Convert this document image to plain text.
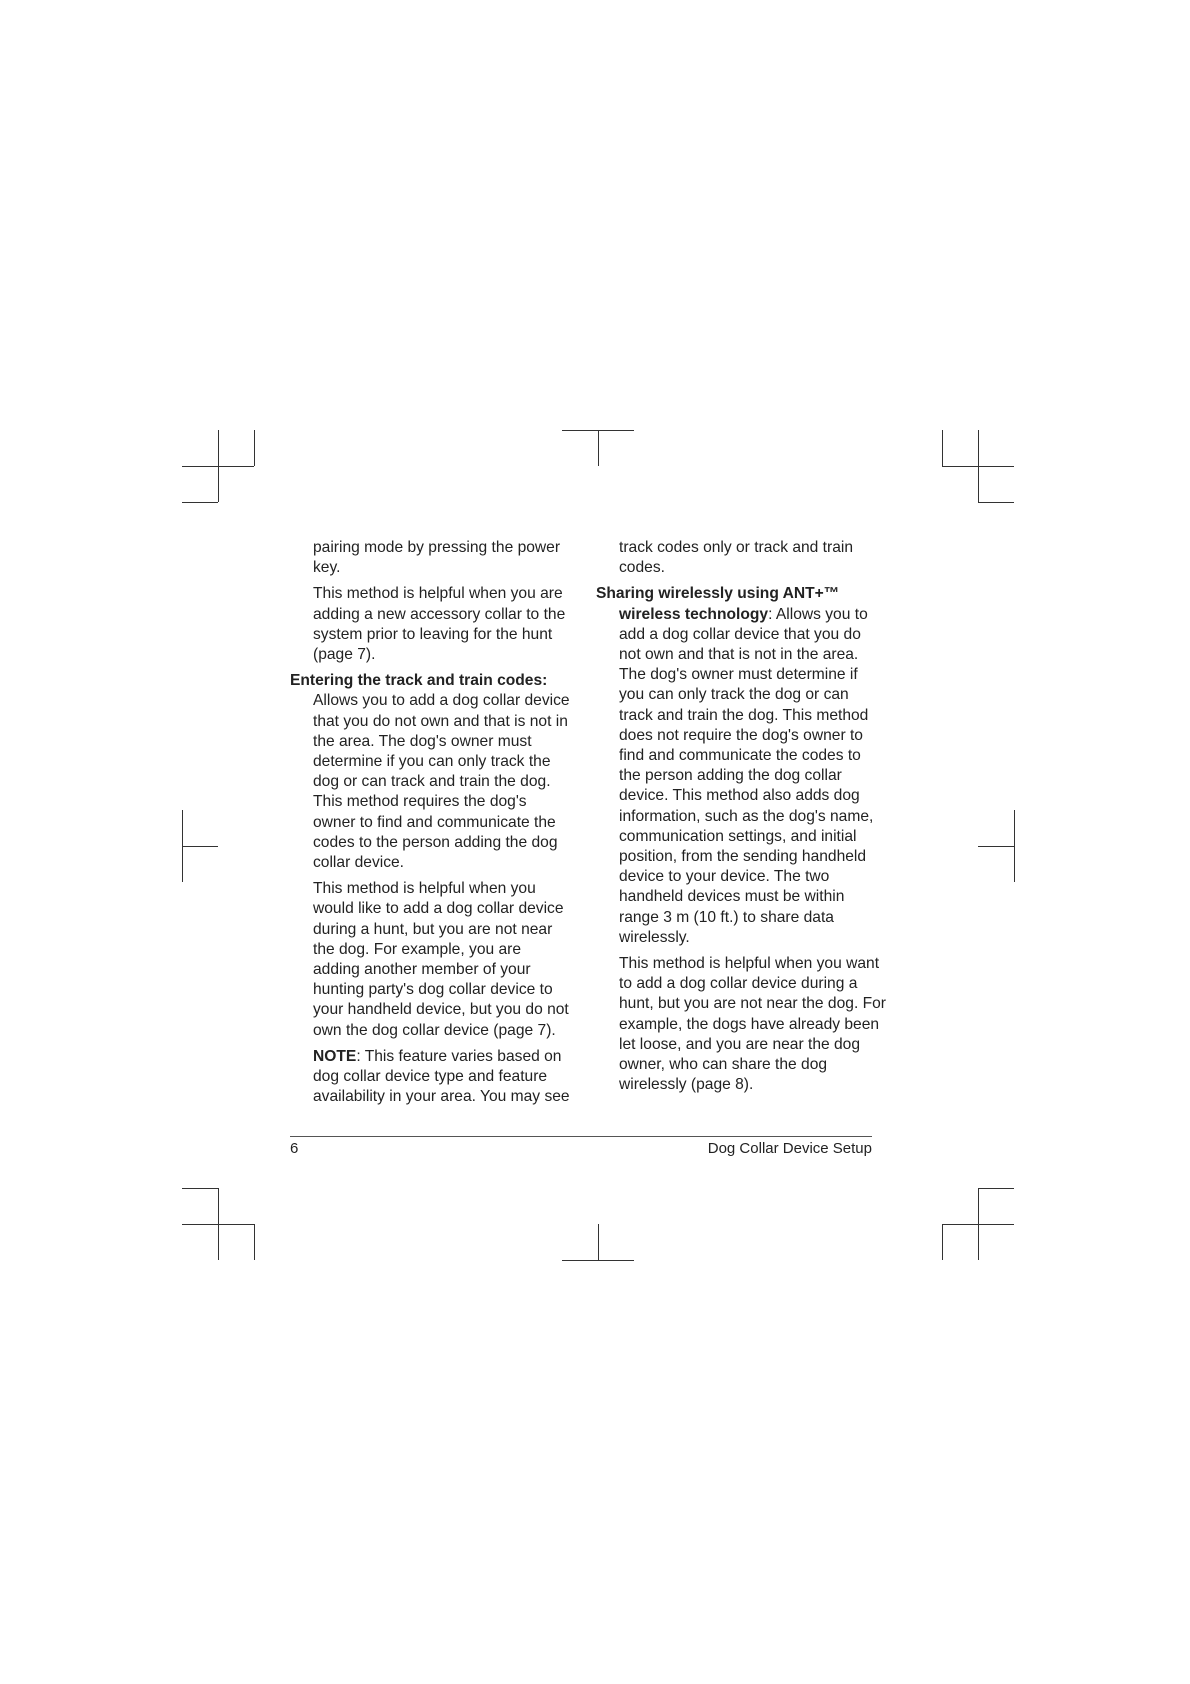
pairing mode by pressing the power key.

This method is helpful when you are adding a new accessory collar to the system prior to leaving for the hunt (page 7).

Entering the track and train codes: Allows you to add a dog collar device that you do not own and that is not in the area. The dog's owner must determine if you can only track the dog or can track and train the dog. This method requires the dog's owner to find and communicate the codes to the person adding the dog collar device.

This method is helpful when you would like to add a dog collar device during a hunt, but you are not near the dog. For example, you are adding another member of your hunting party's dog collar device to your handheld device, but you do not own the dog collar device (page 7).

NOTE: This feature varies based on dog collar device type and feature availability in your area. You may see

track codes only or track and train codes.

Sharing wirelessly using ANT+™ wireless technology: Allows you to add a dog collar device that you do not own and that is not in the area. The dog's owner must determine if you can only track the dog or can track and train the dog. This method does not require the dog's owner to find and communicate the codes to the person adding the dog collar device. This method also adds dog information, such as the dog's name, communication settings, and initial position, from the sending handheld device to your device. The two handheld devices must be within range 3 m (10 ft.) to share data wirelessly.

This method is helpful when you want to add a dog collar device during a hunt, but you are not near the dog. For example, the dogs have already been let loose, and you are near the dog owner, who can share the dog wirelessly (page 8).

6	Dog Collar Device Setup
